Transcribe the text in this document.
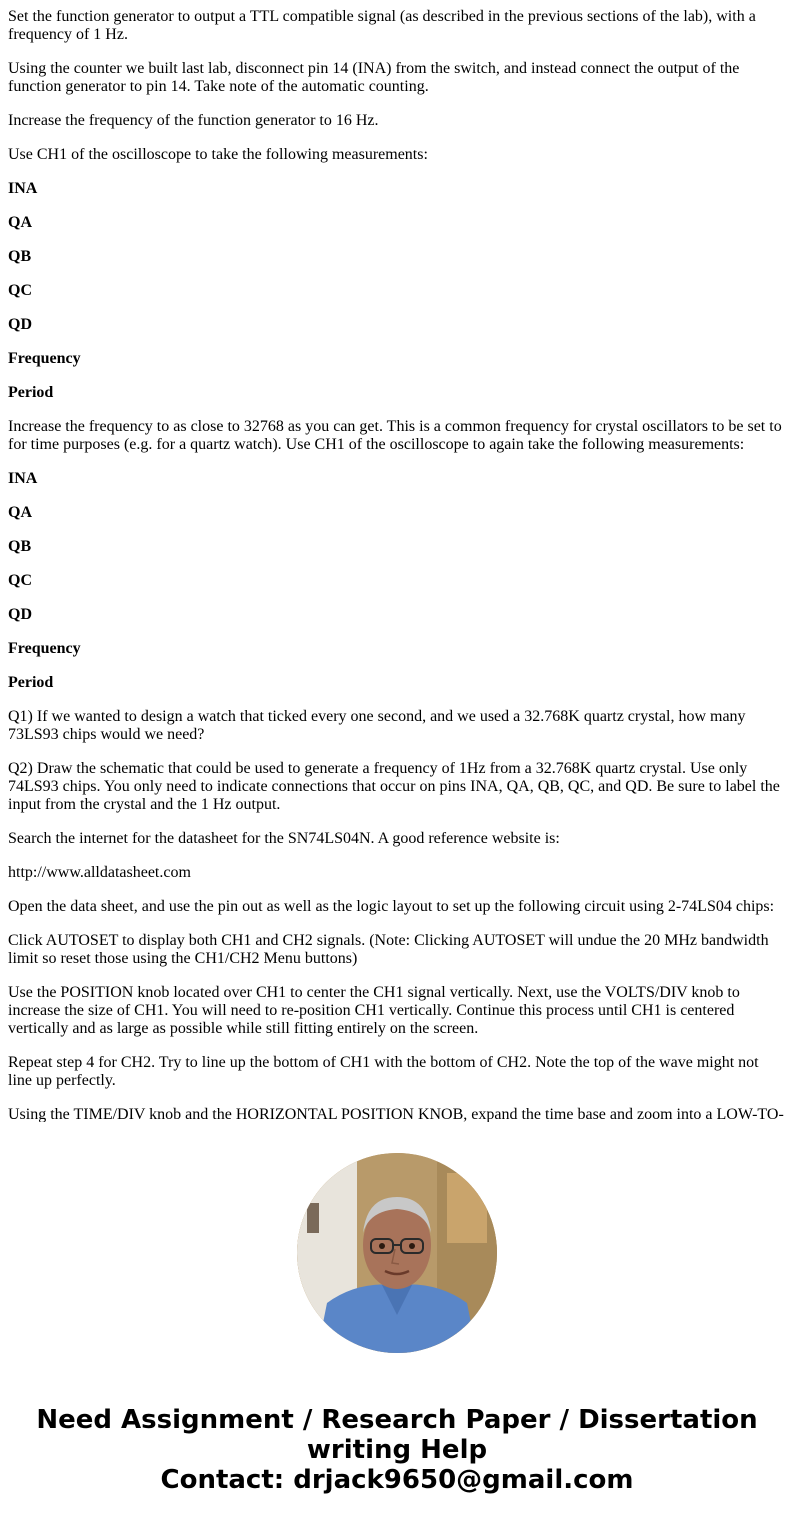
Set the function generator to output a TTL compatible signal (as described in the previous sections of the lab), with a frequency of 1 Hz.

Using the counter we built last lab, disconnect pin 14 (INA) from the switch, and instead connect the output of the function generator to pin 14. Take note of the automatic counting.

Increase the frequency of the function generator to 16 Hz.

Use CH1 of the oscilloscope to take the following measurements:

INA

QA

QB

QC

QD

Frequency

Period

Increase the frequency to as close to 32768 as you can get. This is a common frequency for crystal oscillators to be set to for time purposes (e.g. for a quartz watch). Use CH1 of the oscilloscope to again take the following measurements:

INA

QA

QB

QC

QD

Frequency

Period

Q1) If we wanted to design a watch that ticked every one second, and we used a 32.768K quartz crystal, how many 73LS93 chips would we need?

Q2) Draw the schematic that could be used to generate a frequency of 1Hz from a 32.768K quartz crystal. Use only 74LS93 chips. You only need to indicate connections that occur on pins INA, QA, QB, QC, and QD. Be sure to label the input from the crystal and the 1 Hz output.

Search the internet for the datasheet for the SN74LS04N. A good reference website is:

http://www.alldatasheet.com

Open the data sheet, and use the pin out as well as the logic layout to set up the following circuit using 2-74LS04 chips:

Click AUTOSET to display both CH1 and CH2 signals. (Note: Clicking AUTOSET will undue the 20 MHz bandwidth limit so reset those using the CH1/CH2 Menu buttons)

Use the POSITION knob located over CH1 to center the CH1 signal vertically. Next, use the VOLTS/DIV knob to increase the size of CH1. You will need to re-position CH1 vertically. Continue this process until CH1 is centered vertically and as large as possible while still fitting entirely on the screen.

Repeat step 4 for CH2. Try to line up the bottom of CH1 with the bottom of CH2. Note the top of the wave might not line up perfectly.

Using the TIME/DIV knob and the HORIZONTAL POSITION KNOB, expand the time base and zoom into a LOW-TO-

Need Assignment / Research Paper / Dissertation
writing Help
Contact: drjack9650@gmail.com
